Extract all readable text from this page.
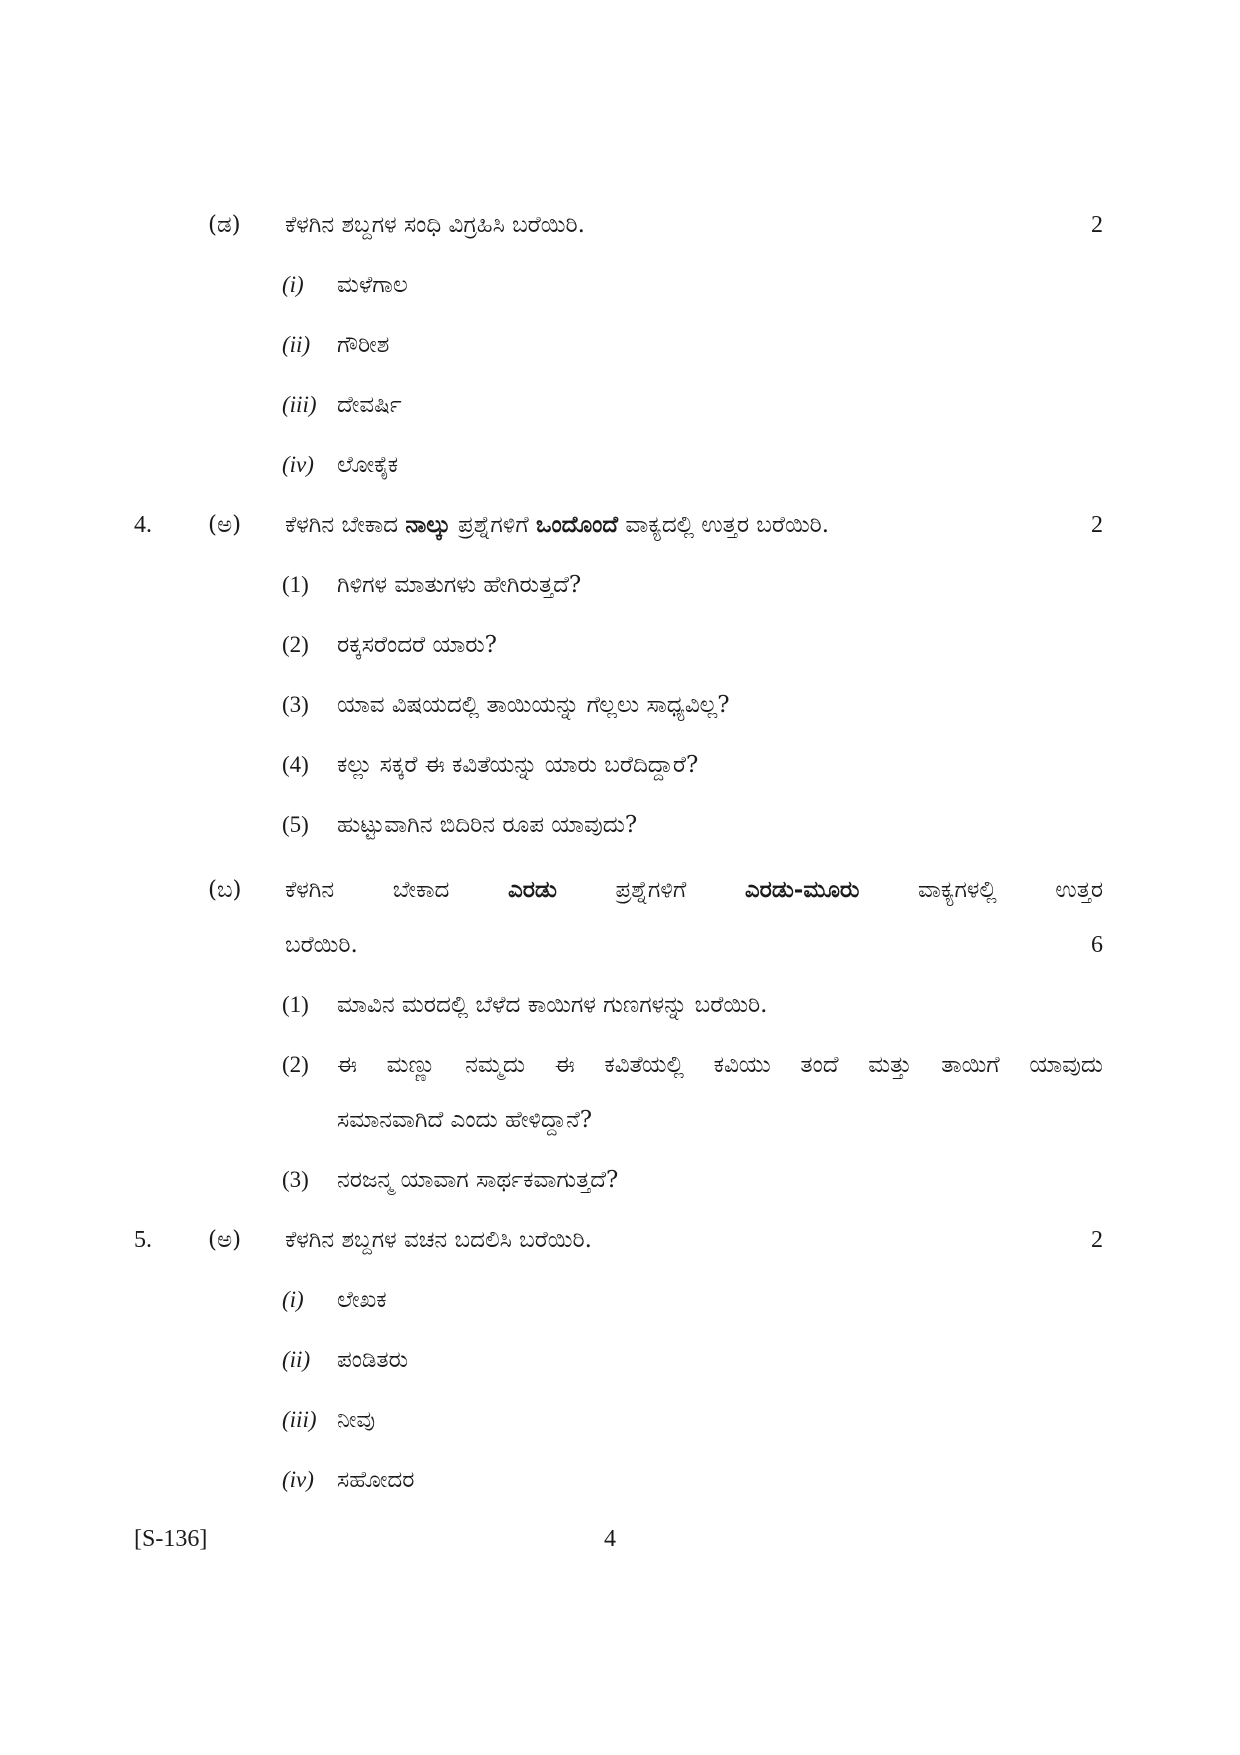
(ಡ) ಕೆಳಗಿನ ಶಬ್ದಗಳ ಸಂಧಿ ವಿಗ್ರಹಿಸಿ ಬರೆಯಿರಿ.	2
(i) ಮಳೆಗಾಲ
(ii) ಗೌರೀಶ
(iii) ದೇವರ್ಷಿ
(iv) ಲೋಕೈಕ
4. (ಅ) ಕೆಳಗಿನ ಬೇಕಾದ ನಾಲ್ಕು ಪ್ರಶ್ನೆಗಳಿಗೆ ಒಂದೊಂದೆ ವಾಕ್ಯದಲ್ಲಿ ಉತ್ತರ ಬರೆಯಿರಿ.	2
(1) ಗಿಳಿಗಳ ಮಾತುಗಳು ಹೇಗಿರುತ್ತದೆ?
(2) ರಕ್ಕಸರೆಂದರೆ ಯಾರು?
(3) ಯಾವ ವಿಷಯದಲ್ಲಿ ತಾಯಿಯನ್ನು ಗೆಲ್ಲಲು ಸಾಧ್ಯವಿಲ್ಲ?
(4) ಕಲ್ಲು ಸಕ್ಕರೆ ಈ ಕವಿತೆಯನ್ನು ಯಾರು ಬರೆದಿದ್ದಾರೆ?
(5) ಹುಟ್ಟುವಾಗಿನ ಬಿದಿರಿನ ರೂಪ ಯಾವುದು?
(ಬ) ಕೆಳಗಿನ ಬೇಕಾದ	ಎರಡು	ಪ್ರಶ್ನೆಗಳಿಗೆ	ಎರಡು-ಮೂರು	ವಾಕ್ಯಗಳಲ್ಲಿ ಉತ್ತರ
ಬರೆಯಿರಿ.	6
(1) ಮಾವಿನ ಮರದಲ್ಲಿ ಬೆಳೆದ ಕಾಯಿಗಳ ಗುಣಗಳನ್ನು ಬರೆಯಿರಿ.
(2) ಈ ಮಣ್ಣು ನಮ್ಮದು ಈ ಕವಿತೆಯಲ್ಲಿ ಕವಿಯು ತಂದೆ ಮತ್ತು ತಾಯಿಗೆ ಯಾವುದು
ಸಮಾನವಾಗಿದೆ ಎಂದು ಹೇಳಿದ್ದಾನೆ?
(3) ನರಜನ್ಮ ಯಾವಾಗ ಸಾರ್ಥಕವಾಗುತ್ತದೆ?
5. (ಅ) ಕೆಳಗಿನ ಶಬ್ದಗಳ ವಚನ ಬದಲಿಸಿ ಬರೆಯಿರಿ.	2
(i) ಲೇಖಕ
(ii) ಪಂಡಿತರು
(iii) ನೀವು
(iv) ಸಹೋದರ
[S-136]	4
